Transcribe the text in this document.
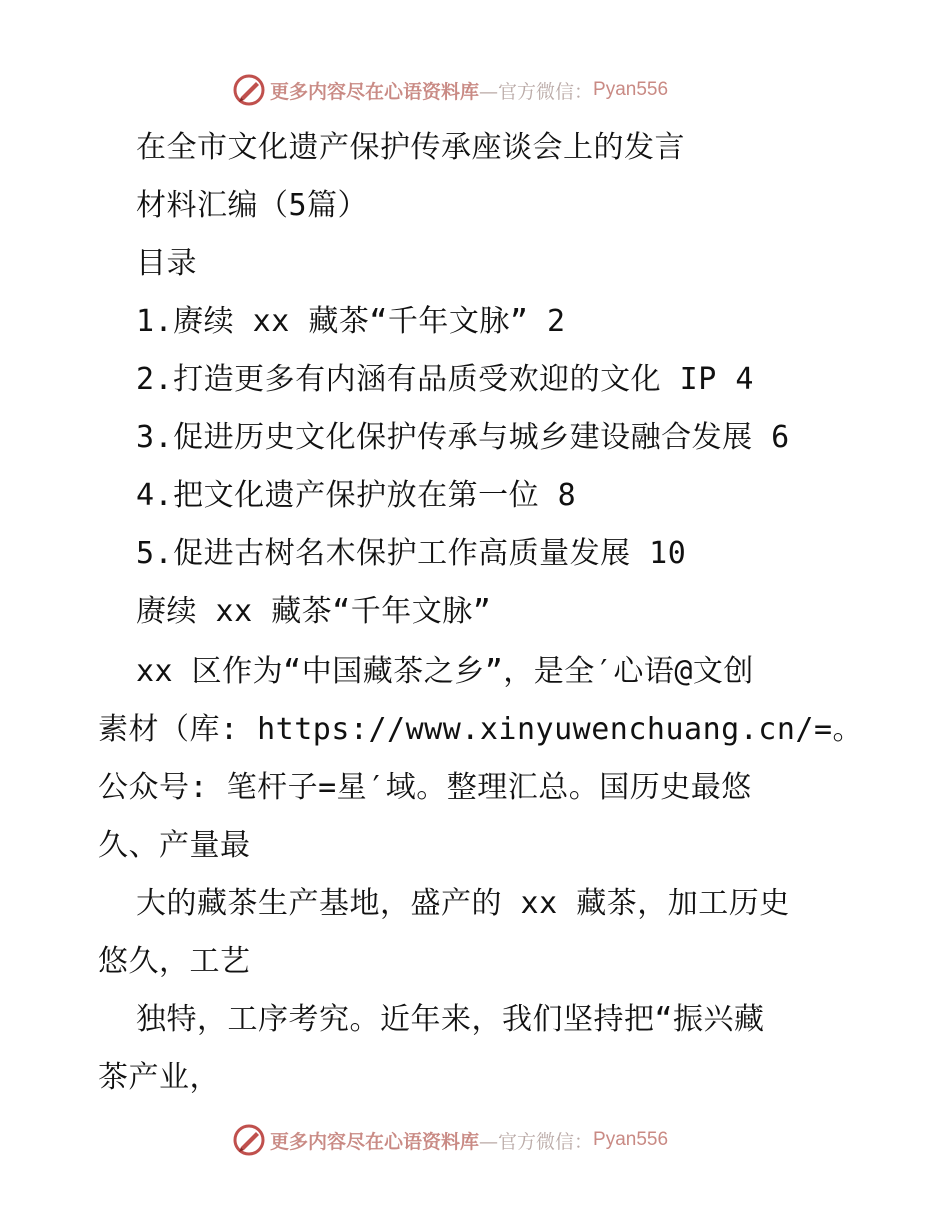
更多内容尽在心语资料库 —官方微信： Pyan556
在全市文化遗产保护传承座谈会上的发言
材料汇编（5篇）
目录
1.赓续 xx 藏茶“千年文脉” 2
2.打造更多有内涵有品质受欢迎的文化 IP 4
3.促进历史文化保护传承与城乡建设融合发展 6
4.把文化遗产保护放在第一位 8
5.促进古树名木保护工作高质量发展 10
赓续 xx 藏茶“千年文脉”
xx 区作为“中国藏茶之乡”，是全′心语@文创
素材（库: https://www.xinyuwenchuang.cn/=。
公众号: 笔杆子=星′域。整理汇总。国历史最悠
久、产量最
大的藏茶生产基地，盛产的 xx 藏茶，加工历史
悠久，工艺
独特，工序考究。近年来，我们坚持把“振兴藏
茶产业，
更多内容尽在心语资料库 —官方微信： Pyan556
